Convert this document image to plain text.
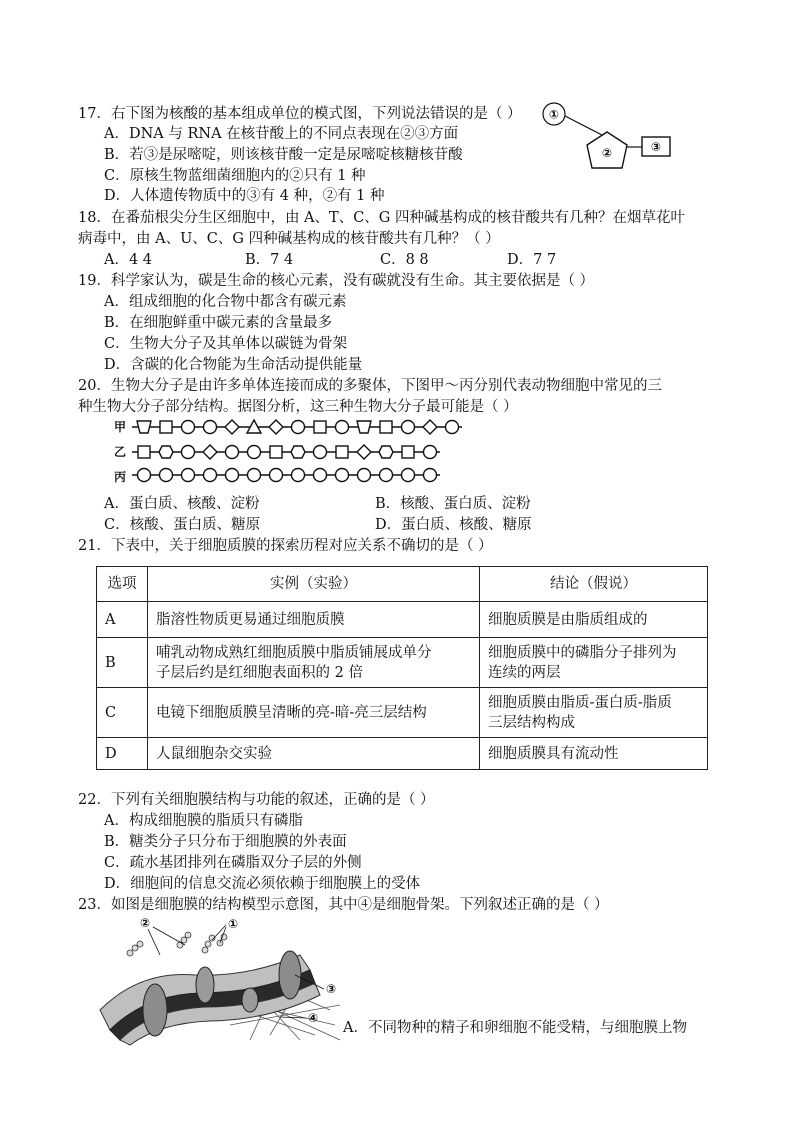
17．右下图为核酸的基本组成单位的模式图，下列说法错误的是（ ）
A．DNA 与 RNA 在核苷酸上的不同点表现在②③方面
B．若③是尿嘧啶，则该核苷酸一定是尿嘧啶核糖核苷酸
C．原核生物蓝细菌细胞内的②只有 1 种
D．人体遗传物质中的③有 4 种，②有 1 种
①
②	③
18．在番茄根尖分生区细胞中，由 A、T、C、G 四种碱基构成的核苷酸共有几种？在烟草花叶
病毒中，由 A、U、C、G 四种碱基构成的核苷酸共有几种？（ ）
A．4 4	B．7 4	C．8 8	D．7 7
19．科学家认为，碳是生命的核心元素，没有碳就没有生命。其主要依据是（ ）
A．组成细胞的化合物中都含有碳元素
B．在细胞鲜重中碳元素的含量最多
C．生物大分子及其单体以碳链为骨架
D．含碳的化合物能为生命活动提供能量
20．生物大分子是由许多单体连接而成的多聚体，下图甲～丙分别代表动物细胞中常见的三
种生物大分子部分结构。据图分析，这三种生物大分子最可能是（ ）
甲
乙
丙
A．蛋白质、核酸、淀粉	B．核酸、蛋白质、淀粉
C．核酸、蛋白质、糖原	D．蛋白质、核酸、糖原
21．下表中，关于细胞质膜的探索历程对应关系不确切的是（ ）
选项	实例（实验）	结论（假说）
A	脂溶性物质更易通过细胞质膜	细胞质膜是由脂质组成的
B	哺乳动物成熟红细胞质膜中脂质铺展成单分
子层后约是红细胞表面积的 2 倍	细胞质膜中的磷脂分子排列为
连续的两层
C	电镜下细胞质膜呈清晰的亮-暗-亮三层结构	细胞质膜由脂质-蛋白质-脂质
三层结构构成
D	人鼠细胞杂交实验	细胞质膜具有流动性
22．下列有关细胞膜结构与功能的叙述，正确的是（ ）
A．构成细胞膜的脂质只有磷脂
B．糖类分子只分布于细胞膜的外表面
C．疏水基团排列在磷脂双分子层的外侧
D．细胞间的信息交流必须依赖于细胞膜上的受体
23．如图是细胞膜的结构模型示意图，其中④是细胞骨架。下列叙述正确的是（ ）
②	①
③
④
A．不同物种的精子和卵细胞不能受精，与细胞膜上物
